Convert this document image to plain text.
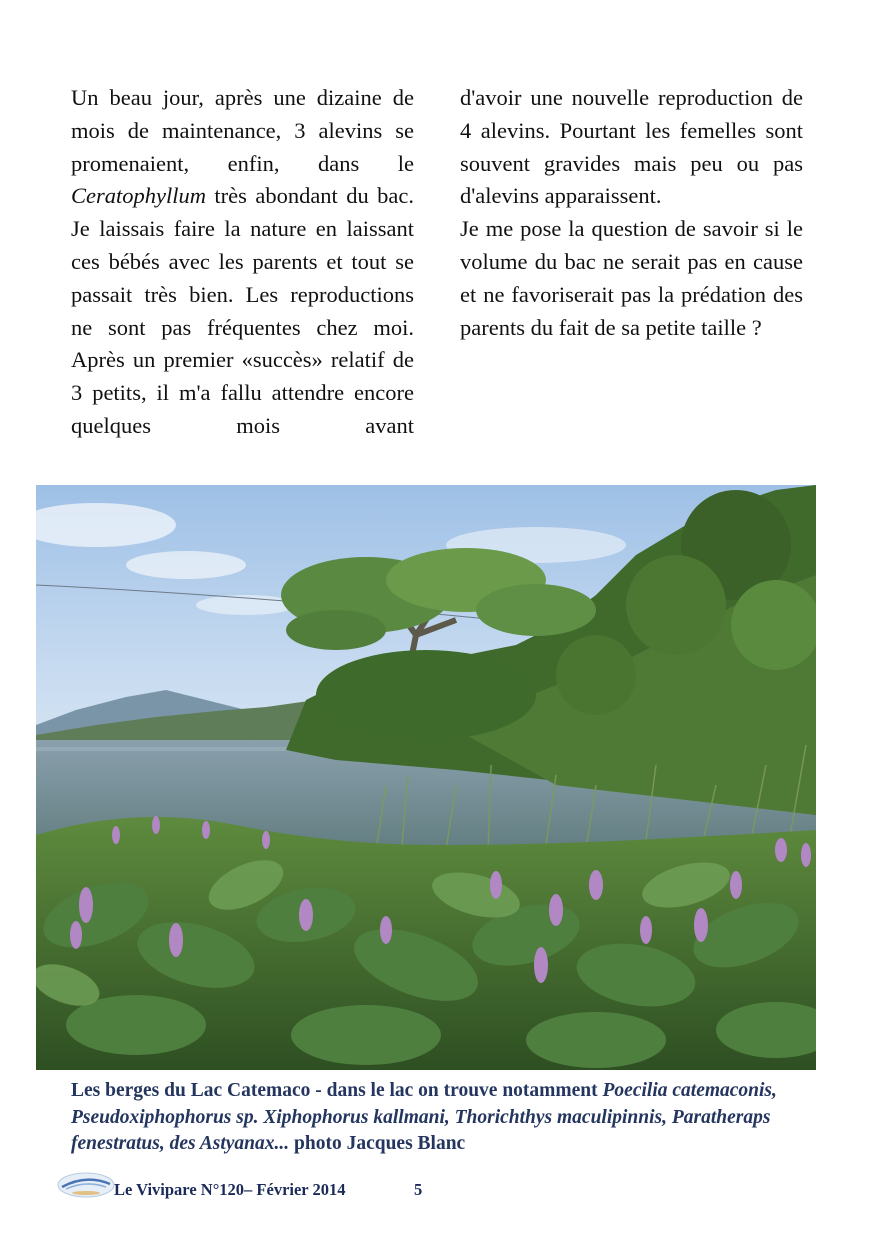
Un beau jour, après une dizaine de mois de maintenance, 3 alevins se promenaient, enfin, dans le Ceratophyllum très abondant du bac. Je laissais faire la nature en laissant ces bébés avec les parents et tout se passait très bien. Les reproductions ne sont pas fréquentes chez moi. Après un premier «succès» relatif de 3 petits, il m'a fallu attendre encore quelques mois avant

d'avoir une nouvelle reproduction de 4 alevins. Pourtant les femelles sont souvent gravides mais peu ou pas d'alevins apparaissent.

Je me pose la question de savoir si le volume du bac ne serait pas en cause et ne favoriserait pas la prédation des parents du fait de sa petite taille ?

Les berges du Lac Catemaco - dans le lac on trouve notamment Poecilia catemaconis, Pseudoxiphophorus sp. Xiphophorus kallmani, Thorichthys maculipinnis, Paratheraps fenestratus, des Astyanax... photo Jacques Blanc
Le Vivipare N°120– Février 2014	5
